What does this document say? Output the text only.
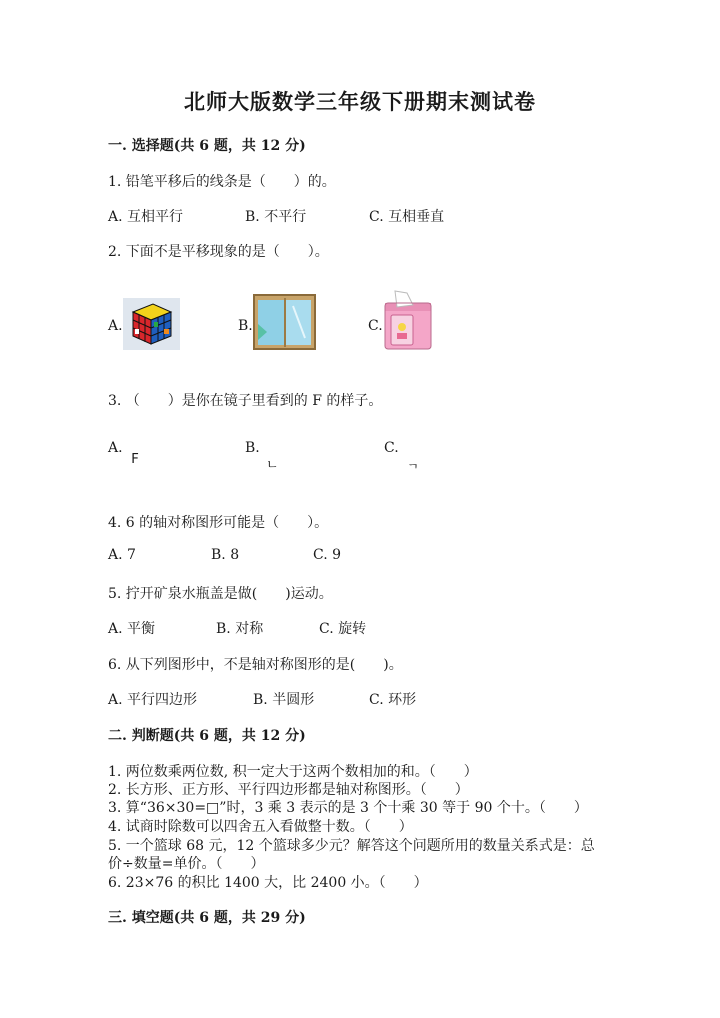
北师大版数学三年级下册期末测试卷
一. 选择题(共 6 题，共 12 分)
1. 铅笔平移后的线条是（　　）的。
A. 互相平行	B. 不平行	C. 互相垂直
2. 下面不是平移现象的是（　　）。
A.	B.	C.
3. （　　）是你在镜子里看到的 F 的样子。
A.
F
B.
ㄴ
C.
ᆨ
4. 6 的轴对称图形可能是（　　）。
A. 7	B. 8	C. 9
5. 拧开矿泉水瓶盖是做(　　)运动。
A. 平衡	B. 对称	C. 旋转
6. 从下列图形中，不是轴对称图形的是(　　)。
A. 平行四边形	B. 半圆形	C. 环形
二. 判断题(共 6 题，共 12 分)
1. 两位数乘两位数, 积一定大于这两个数相加的和。（　　）
2. 长方形、正方形、平行四边形都是轴对称图形。（　　）
3. 算“36×30=□”时，3 乘 3 表示的是 3 个十乘 30 等于 90 个十。（　　）
4. 试商时除数可以四舍五入看做整十数。（　　）
5. 一个篮球 68 元，12 个篮球多少元？解答这个问题所用的数量关系式是：总
价÷数量=单价。（　　）
6. 23×76 的积比 1400 大，比 2400 小。（　　）
三. 填空题(共 6 题，共 29 分)
